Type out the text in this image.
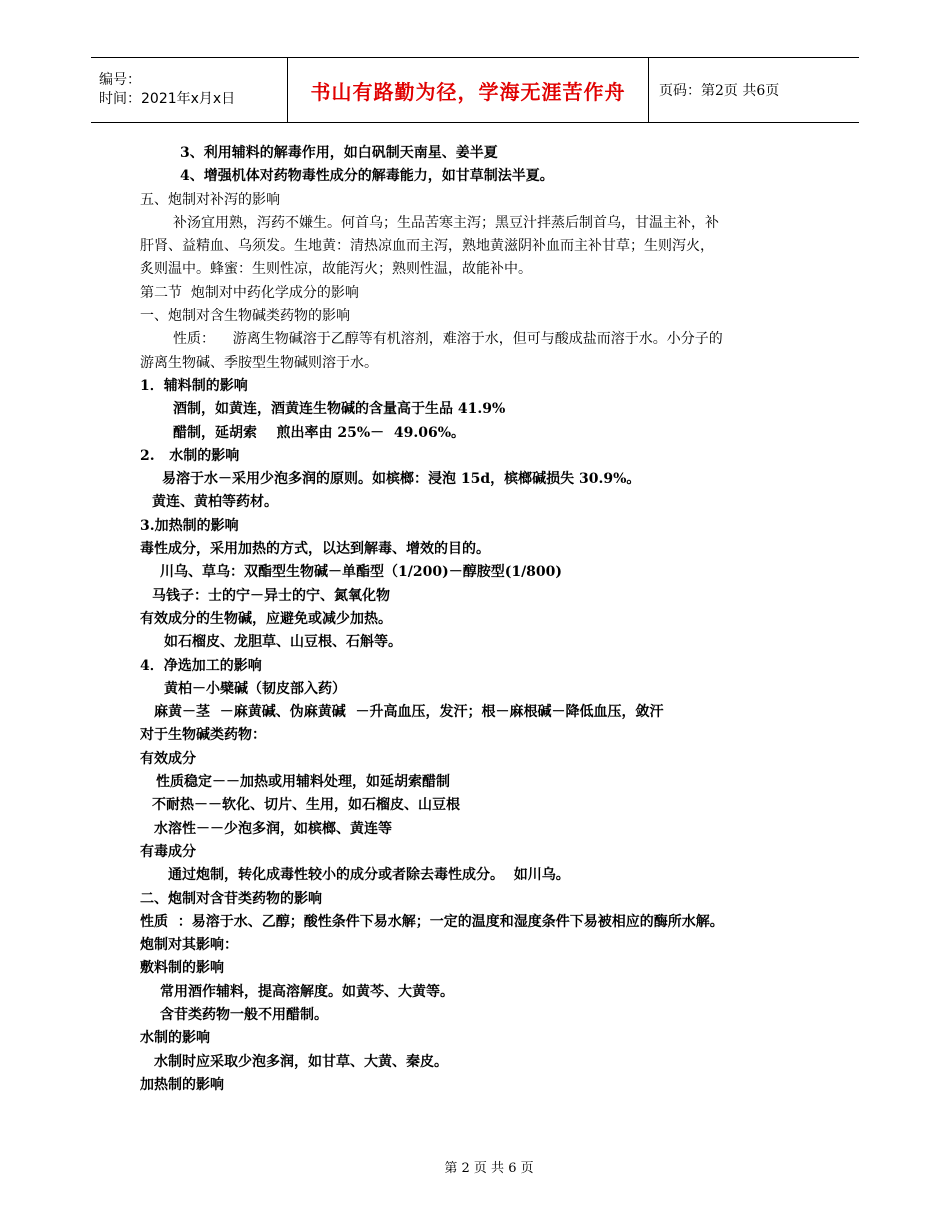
编号：
时间：2021年x月x日	书山有路勤为径，学海无涯苦作舟	页码：第2页 共6页
3、利用辅料的解毒作用，如白矾制天南星、姜半夏
4、增强机体对药物毒性成分的解毒能力，如甘草制法半夏。
五、炮制对补泻的影响
补汤宜用熟，泻药不嫌生。何首乌；生品苦寒主泻；黑豆汁拌蒸后制首乌，甘温主补，补
肝肾、益精血、乌须发。生地黄：清热凉血而主泻，熟地黄滋阴补血而主补甘草；生则泻火，
炙则温中。蜂蜜：生则性凉，故能泻火；熟则性温，故能补中。
第二节  炮制对中药化学成分的影响
一、炮制对含生物碱类药物的影响
性质：    游离生物碱溶于乙醇等有机溶剂，难溶于水，但可与酸成盐而溶于水。小分子的
游离生物碱、季胺型生物碱则溶于水。
1．辅料制的影响
酒制，如黄连，酒黄连生物碱的含量高于生品 41.9%
醋制，延胡索    煎出率由 25%－  49.06%。
2.   水制的影响
易溶于水－采用少泡多润的原则。如槟榔：浸泡 15d，槟榔碱损失 30.9%。
黄连、黄柏等药材。
3.加热制的影响
毒性成分，采用加热的方式，以达到解毒、增效的目的。
川乌、草乌：双酯型生物碱－单酯型（1/200)－醇胺型(1/800)
马钱子：士的宁－异士的宁、氮氧化物
有效成分的生物碱，应避免或减少加热。
如石榴皮、龙胆草、山豆根、石斛等。
4．净选加工的影响
黄柏－小檗碱（韧皮部入药）
麻黄－茎  －麻黄碱、伪麻黄碱  －升高血压，发汗；根－麻根碱－降低血压，敛汗
对于生物碱类药物：
有效成分
性质稳定－－加热或用辅料处理，如延胡索醋制
不耐热－－软化、切片、生用，如石榴皮、山豆根
水溶性－－少泡多润，如槟榔、黄连等
有毒成分
通过炮制，转化成毒性较小的成分或者除去毒性成分。  如川乌。
二、炮制对含苷类药物的影响
性质  ：易溶于水、乙醇；酸性条件下易水解；一定的温度和湿度条件下易被相应的酶所水解。
炮制对其影响：
敷料制的影响
常用酒作辅料，提高溶解度。如黄芩、大黄等。
含苷类药物一般不用醋制。
水制的影响
水制时应采取少泡多润，如甘草、大黄、秦皮。
加热制的影响
第 2 页 共 6 页
